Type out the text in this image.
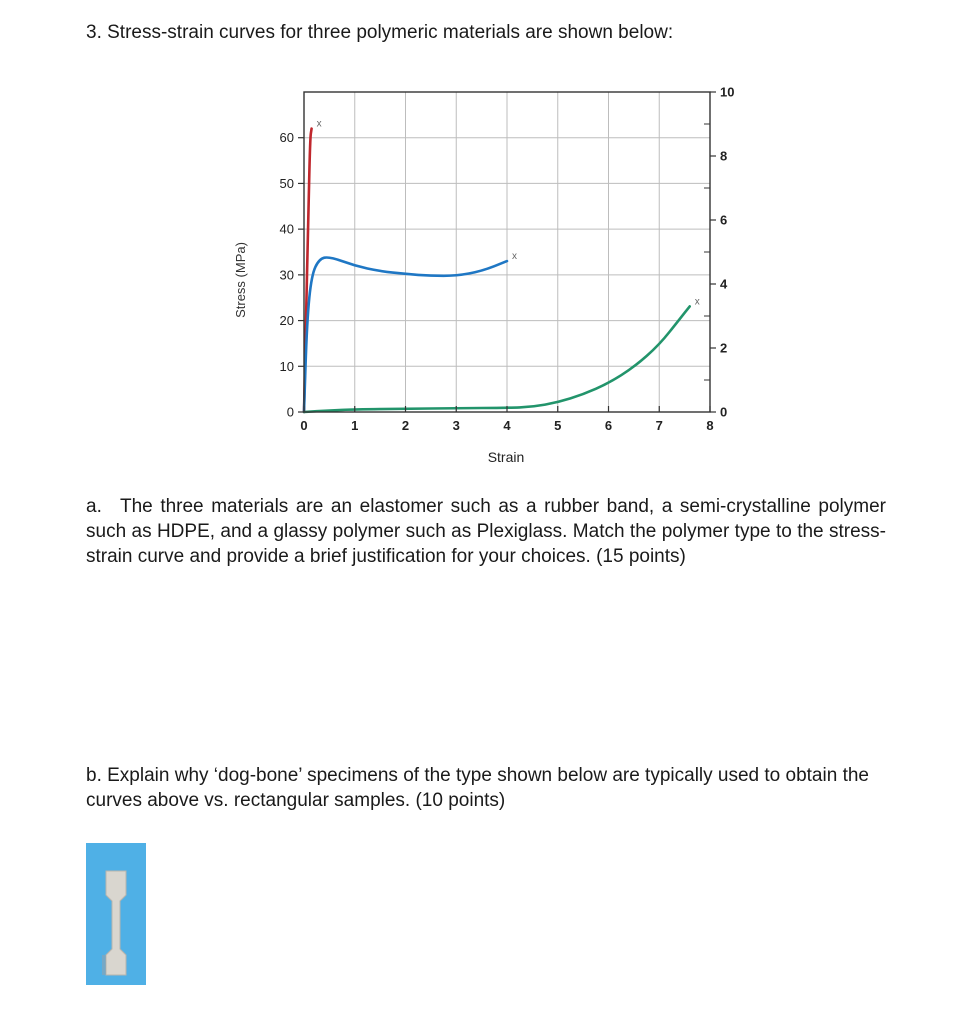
3. Stress-strain curves for three polymeric materials are shown below:
x
x
x
0
10
20
30
40
50
60
0
2
4
6
8
10
0	1	2	3	4	5	6	7	8
Stress (MPa)
Strain
a. The three materials are an elastomer such as a rubber band, a semi-crystalline polymer such as HDPE, and a glassy polymer such as Plexiglass. Match the polymer type to the stress-strain curve and provide a brief justification for your choices. (15 points)
b. Explain why ‘dog-bone’ specimens of the type shown below are typically used to obtain the curves above vs. rectangular samples. (10 points)
